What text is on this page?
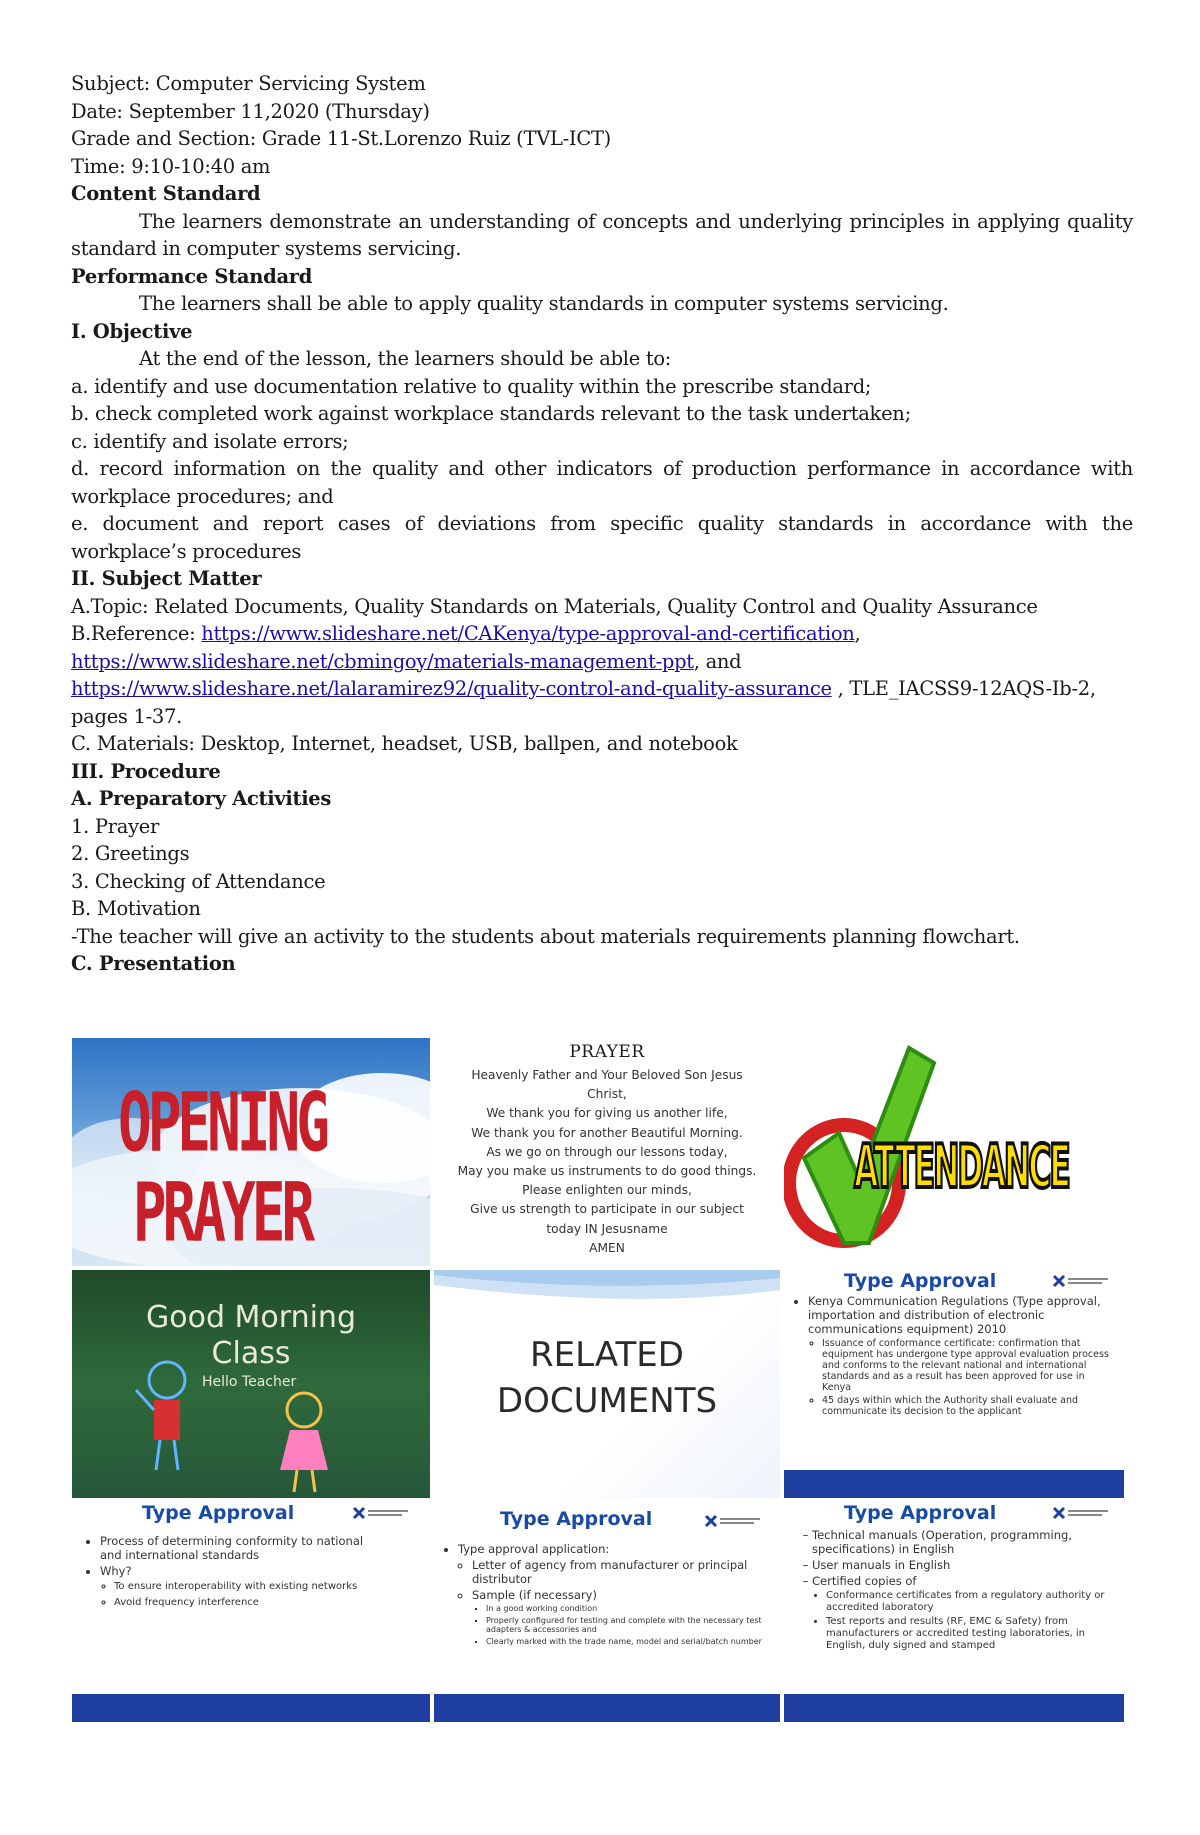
Subject: Computer Servicing System

Date: September 11,2020 (Thursday)

Grade and Section: Grade 11-St.Lorenzo Ruiz (TVL-ICT)

Time: 9:10-10:40 am

Content Standard

The learners demonstrate an understanding of concepts and underlying principles in applying quality standard in computer systems servicing.

Performance Standard

The learners shall be able to apply quality standards in computer systems servicing.

I. Objective

At the end of the lesson, the learners should be able to:

a. identify and use documentation relative to quality within the prescribe standard;

b. check completed work against workplace standards relevant to the task undertaken;

c. identify and isolate errors;

d. record information on the quality and other indicators of production performance in accordance with workplace procedures; and

e. document and report cases of deviations from specific quality standards in accordance with the workplace’s procedures

II. Subject Matter

A.Topic: Related Documents, Quality Standards on Materials, Quality Control and Quality Assurance

B.Reference: https://www.slideshare.net/CAKenya/type-approval-and-certification,
https://www.slideshare.net/cbmingoy/materials-management-ppt, and
https://www.slideshare.net/lalaramirez92/quality-control-and-quality-assurance , TLE_IACSS9-12AQS-Ib-2, pages 1-37.

C. Materials: Desktop, Internet, headset, USB, ballpen, and notebook

III. Procedure

A. Preparatory Activities

1. Prayer

2. Greetings

3. Checking of Attendance

B. Motivation

-The teacher will give an activity to the students about materials requirements planning flowchart.

C. Presentation

OPENING
PRAYER
PRAYER
Heavenly Father and Your Beloved Son Jesus
Christ,
We thank you for giving us another life,
We thank you for another Beautiful Morning.
As we go on through our lessons today,
May you make us instruments to do good things.
Please enlighten our minds,
Give us strength to participate in our subject
today IN Jesusname
AMEN
ATTENDANCE
Good Morning
Class
Hello Teacher
RELATED
DOCUMENTS
Type Approval
• Kenya Communication Regulations (Type approval, importation and distribution of electronic communications equipment) 2010
◦ Issuance of conformance certificate: confirmation that equipment has undergone type approval evaluation process and conforms to the relevant national and international standards and as a result has been approved for use in Kenya
◦ 45 days within which the Authority shall evaluate and communicate its decision to the applicant
Type Approval
• Process of determining conformity to national and international standards
• Why?
◦ To ensure interoperability with existing networks
◦ Avoid frequency interference
Type Approval
• Type approval application:
◦ Letter of agency from manufacturer or principal distributor
◦ Sample (if necessary)
▪ In a good working condition
▪ Properly configured for testing and complete with the necessary test adapters & accessories and
▪ Clearly marked with the trade name, model and serial/batch number
Type Approval
– Technical manuals (Operation, programming, specifications) in English
– User manuals in English
– Certified copies of
• Conformance certificates from a regulatory authority or accredited laboratory
• Test reports and results (RF, EMC & Safety) from manufacturers or accredited testing laboratories, in English, duly signed and stamped
